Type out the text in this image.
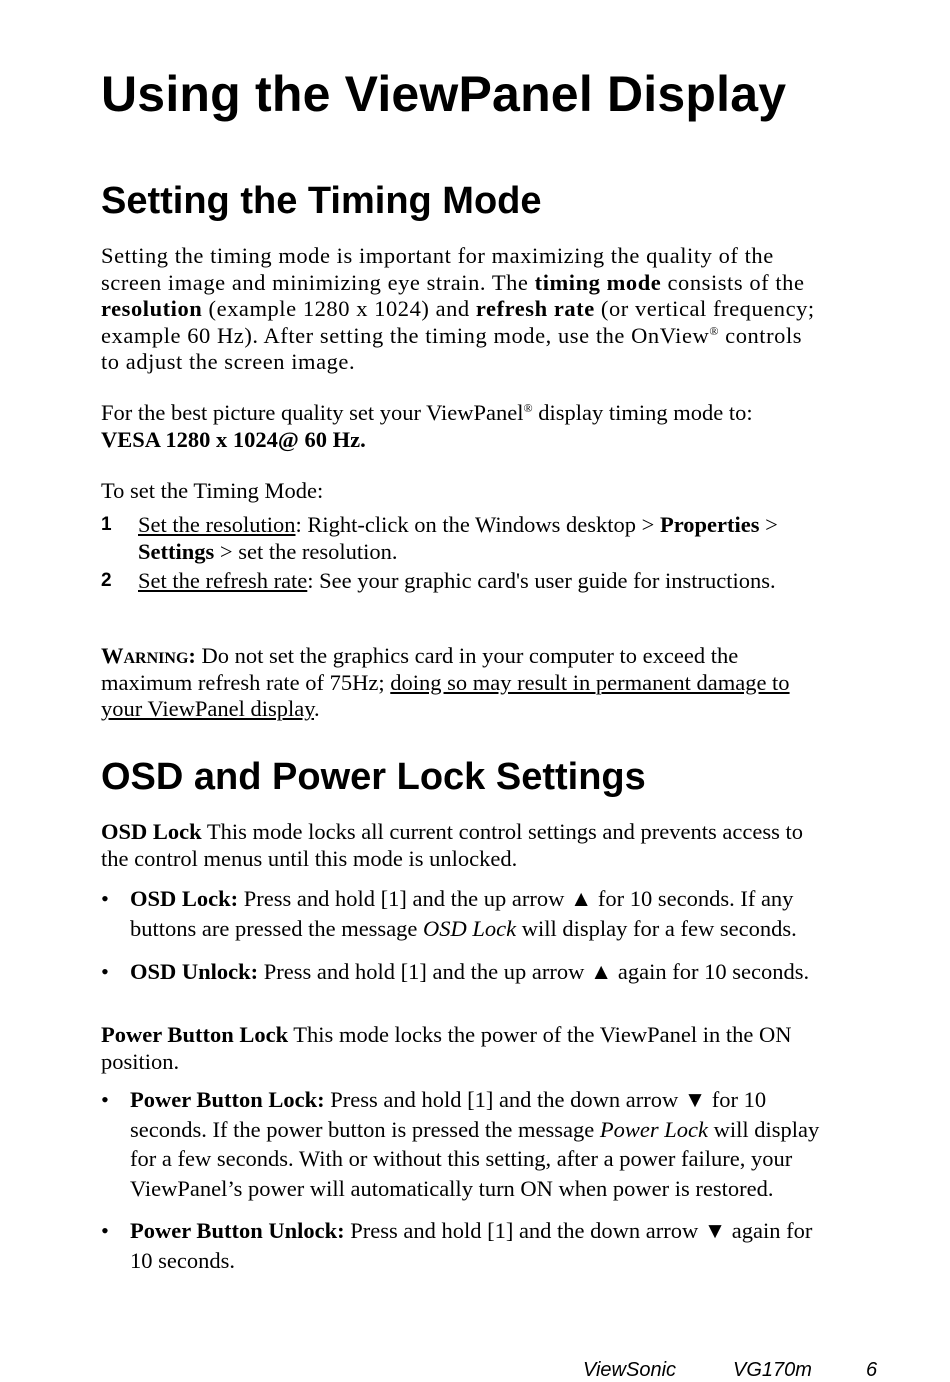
Using the ViewPanel Display
Setting the Timing Mode
Setting the timing mode is important for maximizing the quality of the
screen image and minimizing eye strain. The timing mode consists of the
resolution (example 1280 x 1024) and refresh rate (or vertical frequency;
example 60 Hz). After setting the timing mode, use the OnView® controls
to adjust the screen image.
For the best picture quality set your ViewPanel® display timing mode to:
VESA 1280 x 1024@ 60 Hz.
To set the Timing Mode:
1 Set the resolution: Right-click on the Windows desktop > Properties >
Settings > set the resolution.
2 Set the refresh rate: See your graphic card's user guide for instructions.
Warning: Do not set the graphics card in your computer to exceed the
maximum refresh rate of 75Hz; doing so may result in permanent damage to
your ViewPanel display.
OSD and Power Lock Settings
OSD Lock This mode locks all current control settings and prevents access to
the control menus until this mode is unlocked.
• OSD Lock: Press and hold [1] and the up arrow ▲ for 10 seconds. If any
buttons are pressed the message OSD Lock will display for a few seconds.
• OSD Unlock: Press and hold [1] and the up arrow ▲ again for 10 seconds.
Power Button Lock This mode locks the power of the ViewPanel in the ON
position.
• Power Button Lock: Press and hold [1] and the down arrow ▼ for 10
seconds. If the power button is pressed the message Power Lock will display
for a few seconds. With or without this setting, after a power failure, your
ViewPanel’s power will automatically turn ON when power is restored.
• Power Button Unlock: Press and hold [1] and the down arrow ▼ again for
10 seconds.
ViewSonic	VG170m	6
